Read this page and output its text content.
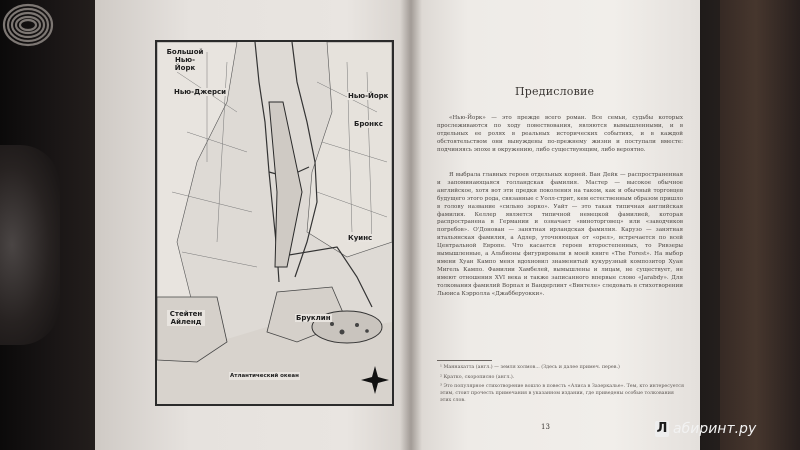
Большой Нью-Йорк
Нью-Джерси	Нью-Йорк
Бронкс
Куинс
Бруклин
Стейтен Айленд
Атлантический океан
Предисловие

«Нью-Йорк» — это прежде всего роман. Все семьи, судьбы которых прослеживаются по ходу повествования, являются вымышленными, и в отдельных ее ролях в реальных исторических событиях, и в каждой обстоятельством они вынуждены по-прежнему жизни и поступали вместе: подчиняясь эпохе и окружению, либо существующим, либо вероятно.

Я выбрала главных героев отдельных корней. Ван Дейк — распространенная и запоминающаяся голландская фамилия. Мастер — высокое обычное английское, хотя вот эти предки поколения на таком, как и обычный торговцев будущего этого рода, связанные с Уолл-стрит, кем естественным образом пришло в голову название «сильно зорко». Уайт — это такая типичная английская фамилия. Келлер является типичной немецкой фамилией, которая распространена в Германии и означает «виноторговец» или «заводчиков погребов». О'Донован — занятная ирландская фамилия. Карузо — занятная итальянская фамилия, а Адлер, уточняющая от «орел», встречается по всей Центральной Европе. Что касается героев второстепенных, то Ривзеры вымышленные, а Альбионы фигурировали в моей книге «The Forest». На выбор имени Хуан Кампо меня вдохновил знаменитый кукурузный композитор Хуан Мигель Кампо. Фамилии Хамбелей, вымышлены и лицам, не существует, не имеют отношения XVI века и также записанного впервые слово «Jarabdy». Для толкования фамилий Ворпал и Вандерлинт «Винтеле» следовать в стихотворении Льюиса Кэрролла «Джабберуокки».

¹ Маннахатта (англ.) — земля холмов... (Здесь и далее примеч. перев.)

² Кратко, скорописно (англ.).

³ Это популярное стихотворение вошло в повесть «Алиса в Зазеркалье». Тем, кто интересуется этим, стоит прочесть примечания в указанном издании, где приведены особые толкования этих слов.

13	Л абиринт.ру
